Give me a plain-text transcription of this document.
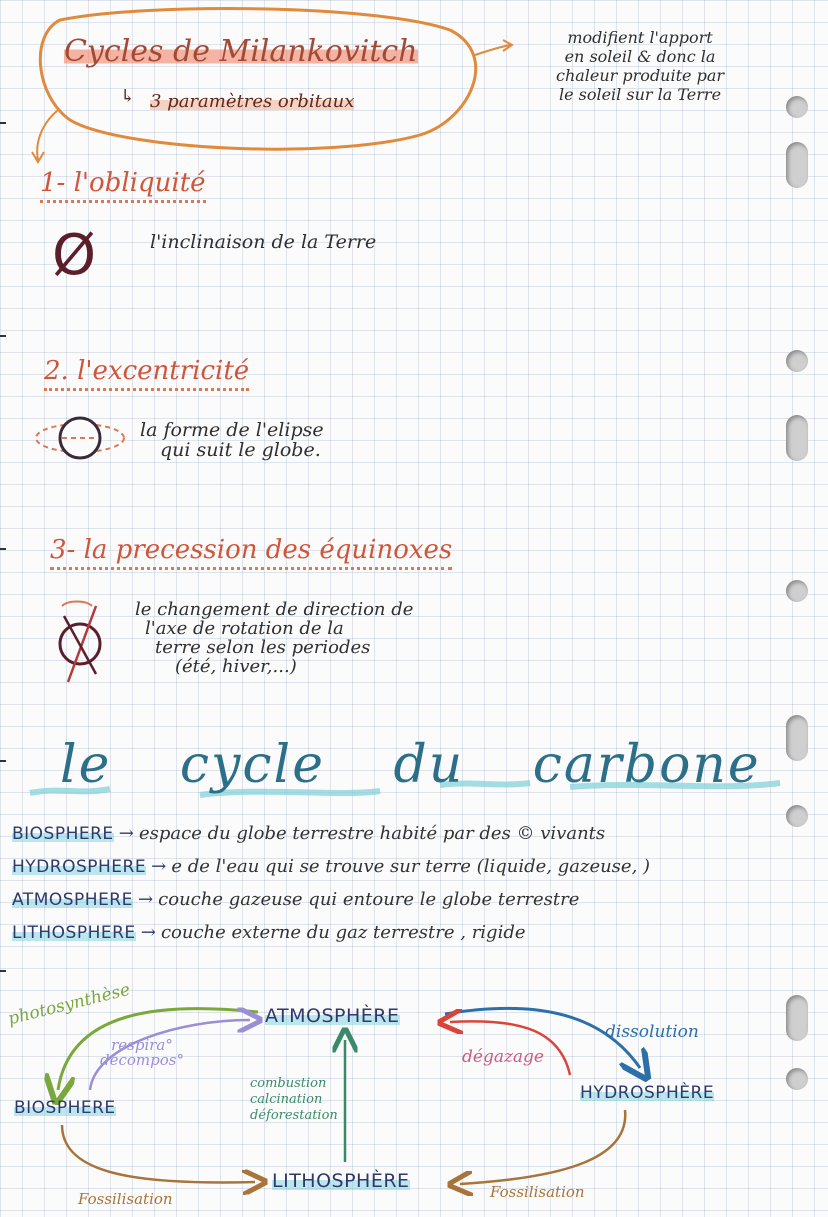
Cycles de Milankovitch
3 paramètres orbitaux
↳
modifient l'apport
en soleil & donc la
chaleur produite par
le soleil sur la Terre
1- l'obliquité
Ø	l'inclinaison de la Terre
2. l'excentricité
la forme de l'elipse
qui suit le globe.
3- la precession des équinoxes
le changement de direction de
l'axe de rotation de la
terre selon les periodes
(été, hiver,...)
le cycle du carbone
BIOSPHERE → espace du globe terrestre habité par des © vivants
HYDROSPHERE → e de l'eau qui se trouve sur terre (liquide, gazeuse, )
ATMOSPHERE → couche gazeuse qui entoure le globe terrestre
LITHOSPHERE → couche externe du gaz terrestre , rigide
ATMOSPHÈRE
BIOSPHERE
HYDROSPHÈRE
LITHOSPHÈRE
photosynthèse
respira°
décompos°
combustion
calcination
déforestation
dégazage
dissolution
Fossilisation	Fossilisation
